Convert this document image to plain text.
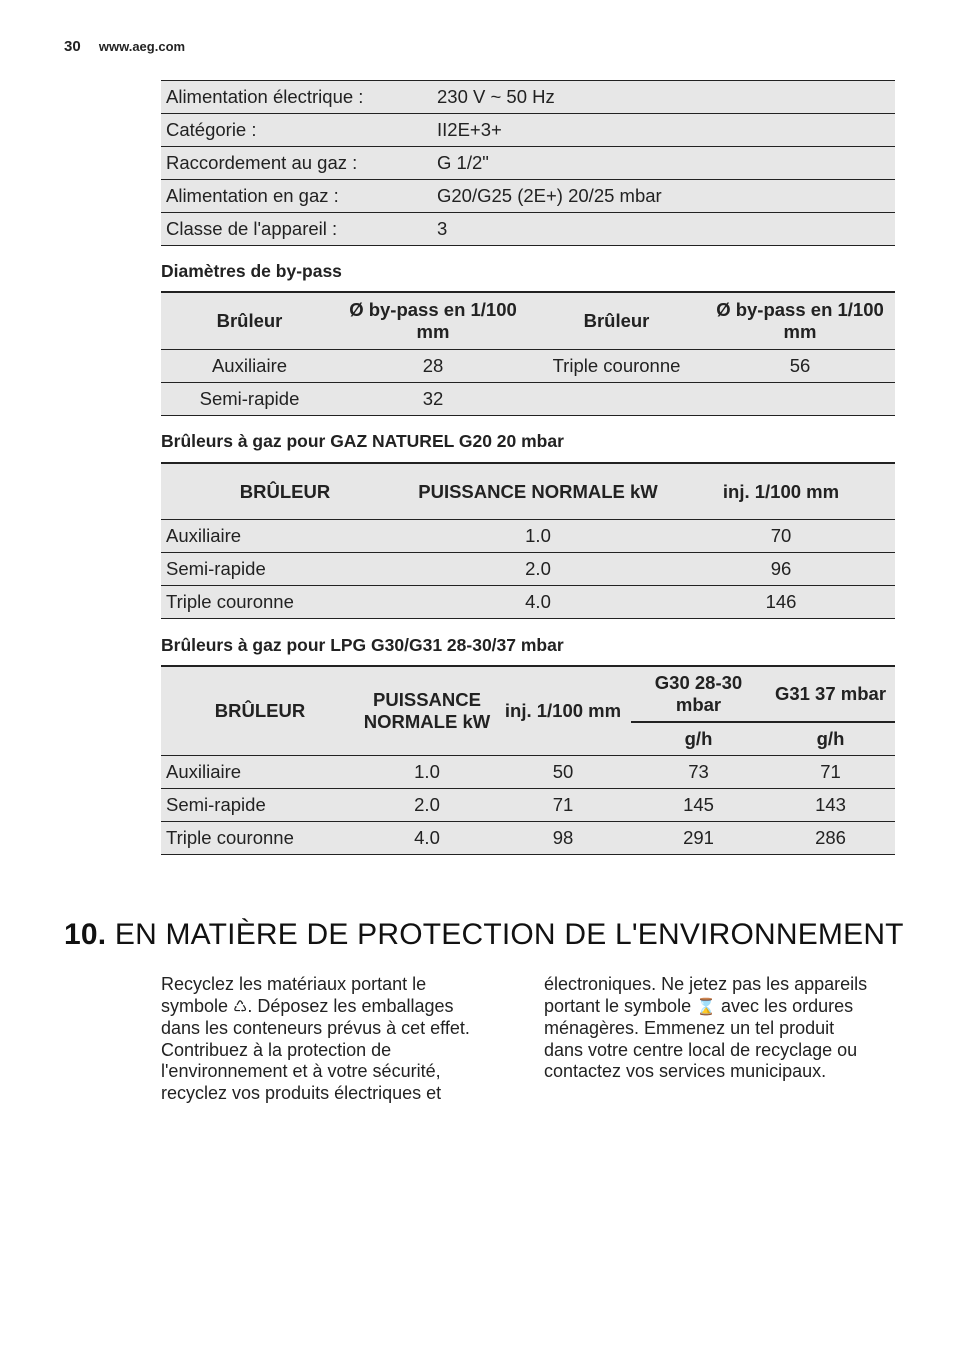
30 www.aeg.com
Alimentation électrique :	230 V ~ 50 Hz
Catégorie :	II2E+3+
Raccordement au gaz :	G 1/2"
Alimentation en gaz :	G20/G25 (2E+) 20/25 mbar
Classe de l'appareil :	3
Diamètres de by-pass
Brûleur	Ø by-pass en 1/100 mm	Brûleur	Ø by-pass en 1/100 mm
Auxiliaire	28	Triple couronne	56
Semi-rapide	32		
Brûleurs à gaz pour GAZ NATUREL G20 20 mbar
BRÛLEUR	PUISSANCE NORMALE kW	inj. 1/100 mm
Auxiliaire	1.0	70
Semi-rapide	2.0	96
Triple couronne	4.0	146
Brûleurs à gaz pour LPG G30/G31 28-30/37 mbar
BRÛLEUR	PUISSANCE NORMALE kW	inj. 1/100 mm	G30 28-30 mbar	G31 37 mbar
			g/h	g/h
Auxiliaire	1.0	50	73	71
Semi-rapide	2.0	71	145	143
Triple couronne	4.0	98	291	286
10. EN MATIÈRE DE PROTECTION DE L'ENVIRONNEMENT

Recyclez les matériaux portant le symbole ♺. Déposez les emballages dans les conteneurs prévus à cet effet.

Contribuez à la protection de l'environnement et à votre sécurité, recyclez vos produits électriques et

électroniques. Ne jetez pas les appareils portant le symbole ⌛ avec les ordures ménagères. Emmenez un tel produit dans votre centre local de recyclage ou contactez vos services municipaux.
